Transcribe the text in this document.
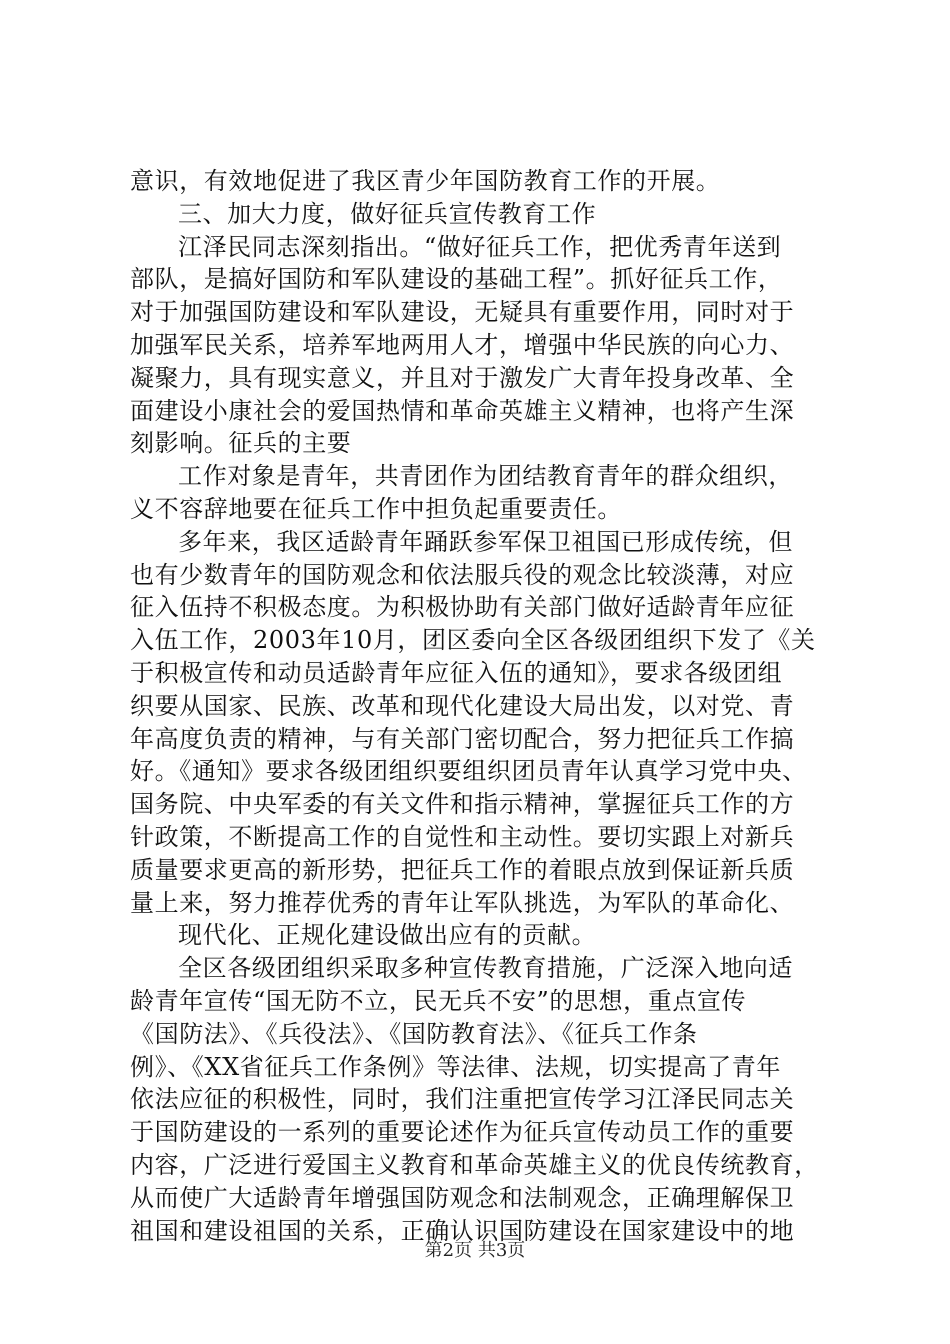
意识，有效地促进了我区青少年国防教育工作的开展。
三、加大力度，做好征兵宣传教育工作
江泽民同志深刻指出。“做好征兵工作，把优秀青年送到
部队，是搞好国防和军队建设的基础工程”。抓好征兵工作，
对于加强国防建设和军队建设，无疑具有重要作用，同时对于
加强军民关系，培养军地两用人才，增强中华民族的向心力、
凝聚力，具有现实意义，并且对于激发广大青年投身改革、全
面建设小康社会的爱国热情和革命英雄主义精神，也将产生深
刻影响。征兵的主要
工作对象是青年，共青团作为团结教育青年的群众组织，
义不容辞地要在征兵工作中担负起重要责任。
多年来，我区适龄青年踊跃参军保卫祖国已形成传统，但
也有少数青年的国防观念和依法服兵役的观念比较淡薄，对应
征入伍持不积极态度。为积极协助有关部门做好适龄青年应征
入伍工作，2003年10月，团区委向全区各级团组织下发了《关
于积极宣传和动员适龄青年应征入伍的通知》，要求各级团组
织要从国家、民族、改革和现代化建设大局出发，以对党、青
年高度负责的精神，与有关部门密切配合，努力把征兵工作搞
好。《通知》要求各级团组织要组织团员青年认真学习党中央、
国务院、中央军委的有关文件和指示精神，掌握征兵工作的方
针政策，不断提高工作的自觉性和主动性。要切实跟上对新兵
质量要求更高的新形势，把征兵工作的着眼点放到保证新兵质
量上来，努力推荐优秀的青年让军队挑选，为军队的革命化、
现代化、正规化建设做出应有的贡献。
全区各级团组织采取多种宣传教育措施，广泛深入地向适
龄青年宣传“国无防不立，民无兵不安”的思想，重点宣传
《国防法》、《兵役法》、《国防教育法》、《征兵工作条
例》、《XX省征兵工作条例》等法律、法规，切实提高了青年
依法应征的积极性，同时，我们注重把宣传学习江泽民同志关
于国防建设的一系列的重要论述作为征兵宣传动员工作的重要
内容，广泛进行爱国主义教育和革命英雄主义的优良传统教育，
从而使广大适龄青年增强国防观念和法制观念，正确理解保卫
祖国和建设祖国的关系，正确认识国防建设在国家建设中的地
第2页 共3页
